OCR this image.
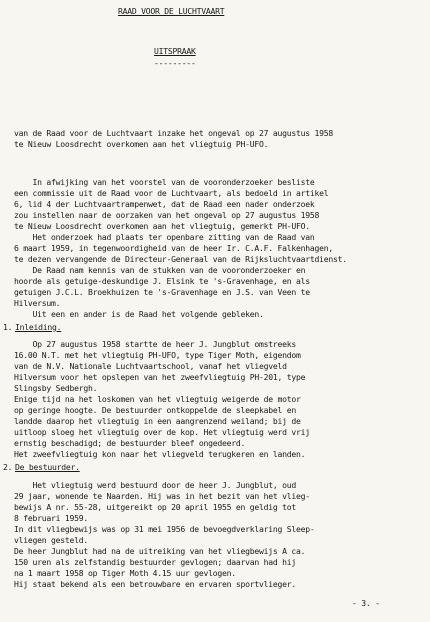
RAAD VOOR DE LUCHTVAART
UITSPRAAK
---------
van de Raad voor de Luchtvaart inzake het ongeval op 27 augustus 1958
te Nieuw Loosdrecht overkomen aan het vliegtuig PH-UFO.
In afwijking van het voorstel van de vooronderzoeker besliste
een commissie uit de Raad voor de Luchtvaart, als bedoeld in artikel
6, lid 4 der Luchtvaartrampenwet, dat de Raad een nader onderzoek
zou instellen naar de oorzaken van het ongeval op 27 augustus 1958
te Nieuw Loosdrecht overkomen aan het vliegtuig, gemerkt PH-UFO.
Het onderzoek had plaats ter openbare zitting van de Raad van
6 maart 1959, in tegenwoordigheid van de heer Ir. C.A.F. Falkenhagen,
te dezen vervangende de Directeur-Generaal van de Rijksluchtvaartdienst.
De Raad nam kennis van de stukken van de vooronderzoeker en
hoorde als getuige-deskundige J. Elsink te 's-Gravenhage, en als
getuigen J.C.L. Broekhuizen te 's-Gravenhage en J.S. van Veen te
Hilversum.
Uit een en ander is de Raad het volgende gebleken.
1. Inleiding.
Op 27 augustus 1958 startte de heer J. Jungblut omstreeks
16.00 N.T. met het vliegtuig PH-UFO, type Tiger Moth, eigendom
van de N.V. Nationale Luchtvaartschool, vanaf het vliegveld
Hilversum voor het opslepen van het zweefvliegtuig PH-201, type
Slingsby Sedbergh.
Enige tijd na het loskomen van het vliegtuig weigerde de motor
op geringe hoogte. De bestuurder ontkoppelde de sleepkabel en
landde daarop het vliegtuig in een aangrenzend weiland; bij de
uitloop sloeg het vliegtuig over de kop. Het vliegtuig werd vrij
ernstig beschadigd; de bestuurder bleef ongedeerd.
Het zweefvliegtuig kon naar het vliegveld terugkeren en landen.
2. De bestuurder.
Het vliegtuig werd bestuurd door de heer J. Jungblut, oud
29 jaar, wonende te Naarden. Hij was in het bezit van het vlieg-
bewijs A nr. 55-28, uitgereikt op 20 april 1955 en geldig tot
8 februari 1959.
In dit vliegbewijs was op 31 mei 1956 de bevoegdverklaring Sleep-
vliegen gesteld.
De heer Jungblut had na de uitreiking van het vliegbewijs A ca.
150 uren als zelfstandig bestuurder gevlogen; daarvan had hij
na 1 maart 1958 op Tiger Moth 4.15 uur gevlogen.
Hij staat bekend als een betrouwbare en ervaren sportvlieger.
- 3. -
